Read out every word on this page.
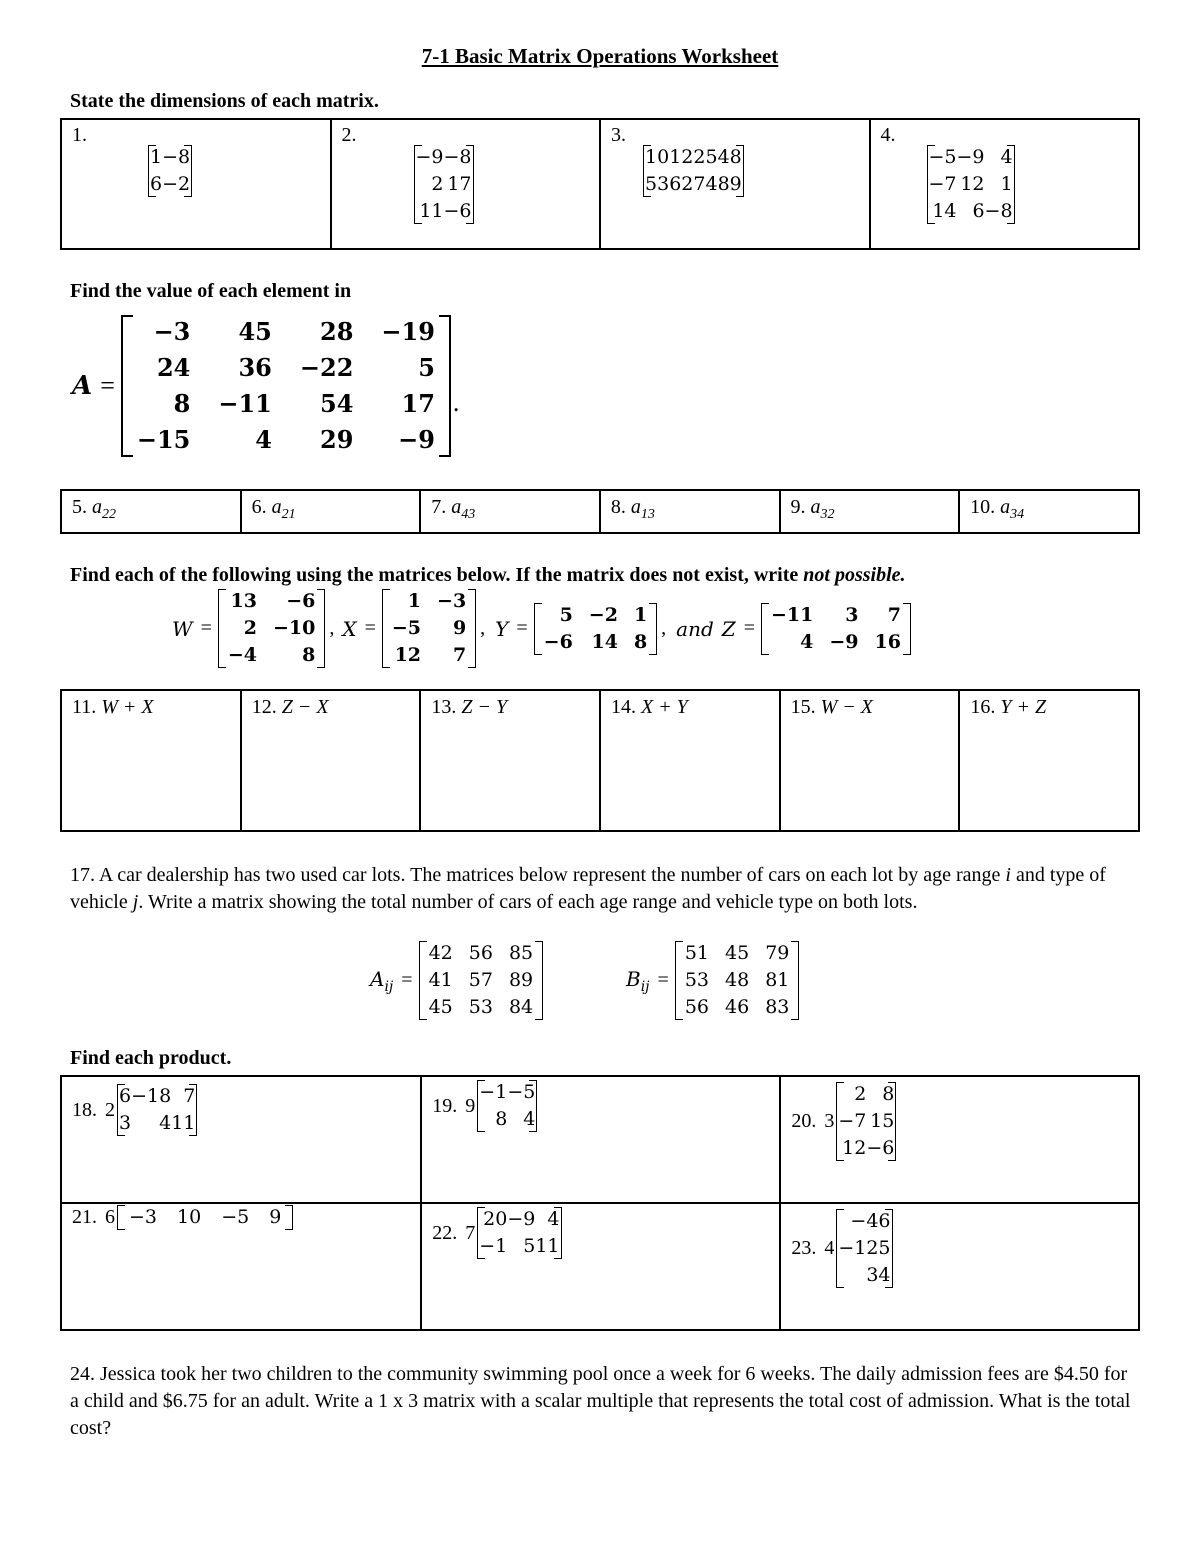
7-1 Basic Matrix Operations Worksheet
State the dimensions of each matrix.
1.
1	−8
6	−2

2.
−9	−8
2	17
11	−6

3.
10	12	25	48
53	62	74	89

4.
−5	−9	4
−7	12	1
14	6	−8
Find the value of each element in
A =
−3	45	28	−19
24	36	−22	5
8	−11	54	17
−15	4	29	−9
.
5. $a_{22}$	6. $a_{21}$	7. $a_{43}$	8. $a_{13}$	9. $a_{32}$	10. $a_{34}$
Find each of the following using the matrices below. If the matrix does not exist, write not possible.
W =
13	−6
2	−10
−4	8
, X =
1	−3
−5	9
12	7
, Y =
5	−2	1
−6	14	8
, and Z =
−11	3	7
4	−9	16
11. W + X	12. Z − X	13. Z − Y	14. X + Y	15. W − X	16. Y + Z
17. A car dealership has two used car lots. The matrices below represent the number of cars on each lot by age range i and type of vehicle j. Write a matrix showing the total number of cars of each age range and vehicle type on both lots.
$A_{ij}$ =
42	56	85
41	57	89
45	53	84
$B_{ij}$ =
51	45	79
53	48	81
56	46	83
Find each product.
18. 2
6	−18	7
3	4	11

19. 9
−1	−5
8	4
		20. 3
2	8
−7	15
12	−6

21. 6 −3	10	−5	9

22. 7
20	−9	4
−1	5	11
		23. 4
−4	6
−12	5
3	4
24. Jessica took her two children to the community swimming pool once a week for 6 weeks. The daily admission fees are $4.50 for a child and $6.75 for an adult. Write a 1 x 3 matrix with a scalar multiple that represents the total cost of admission. What is the total cost?
